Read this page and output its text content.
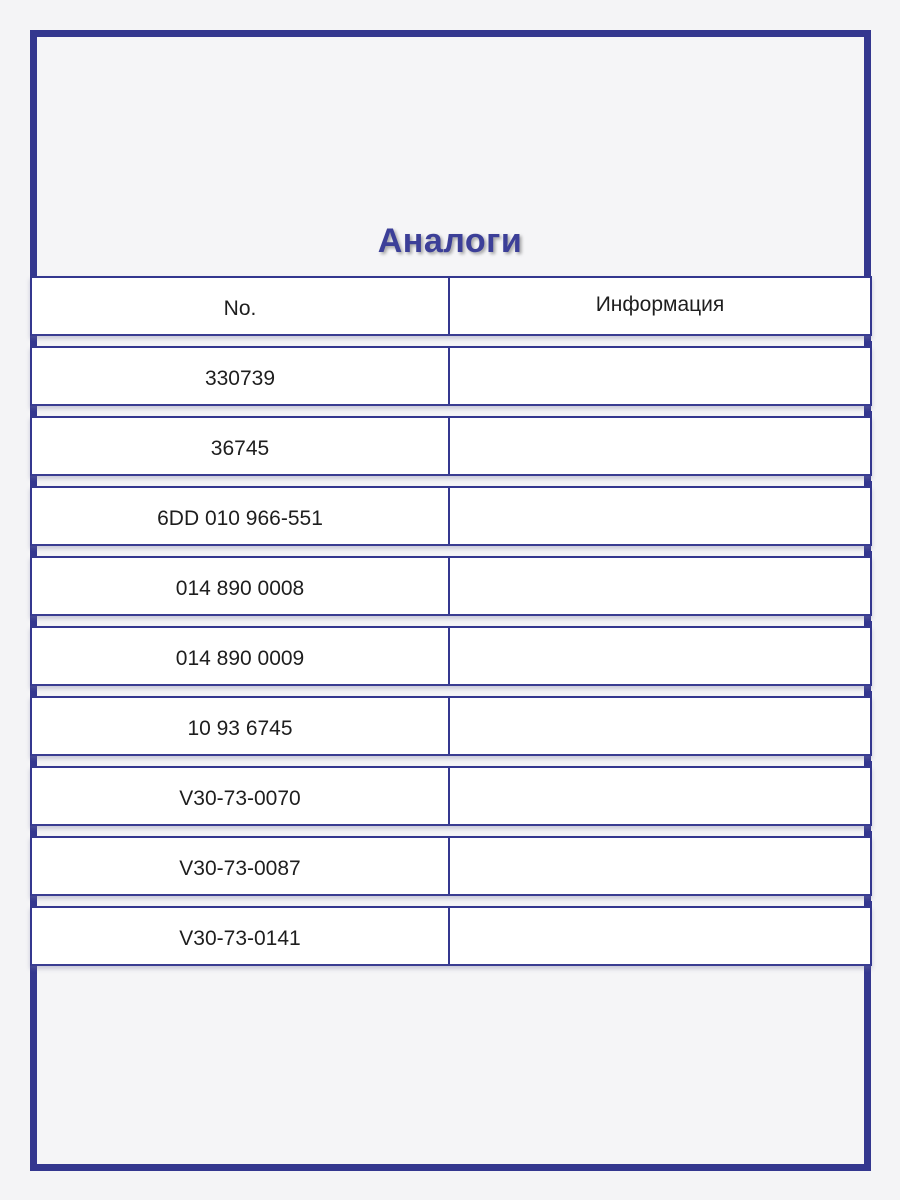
Аналоги
No.	Информация
330739
36745
6DD 010 966-551
014 890 0008
014 890 0009
10 93 6745
V30-73-0070
V30-73-0087
V30-73-0141
